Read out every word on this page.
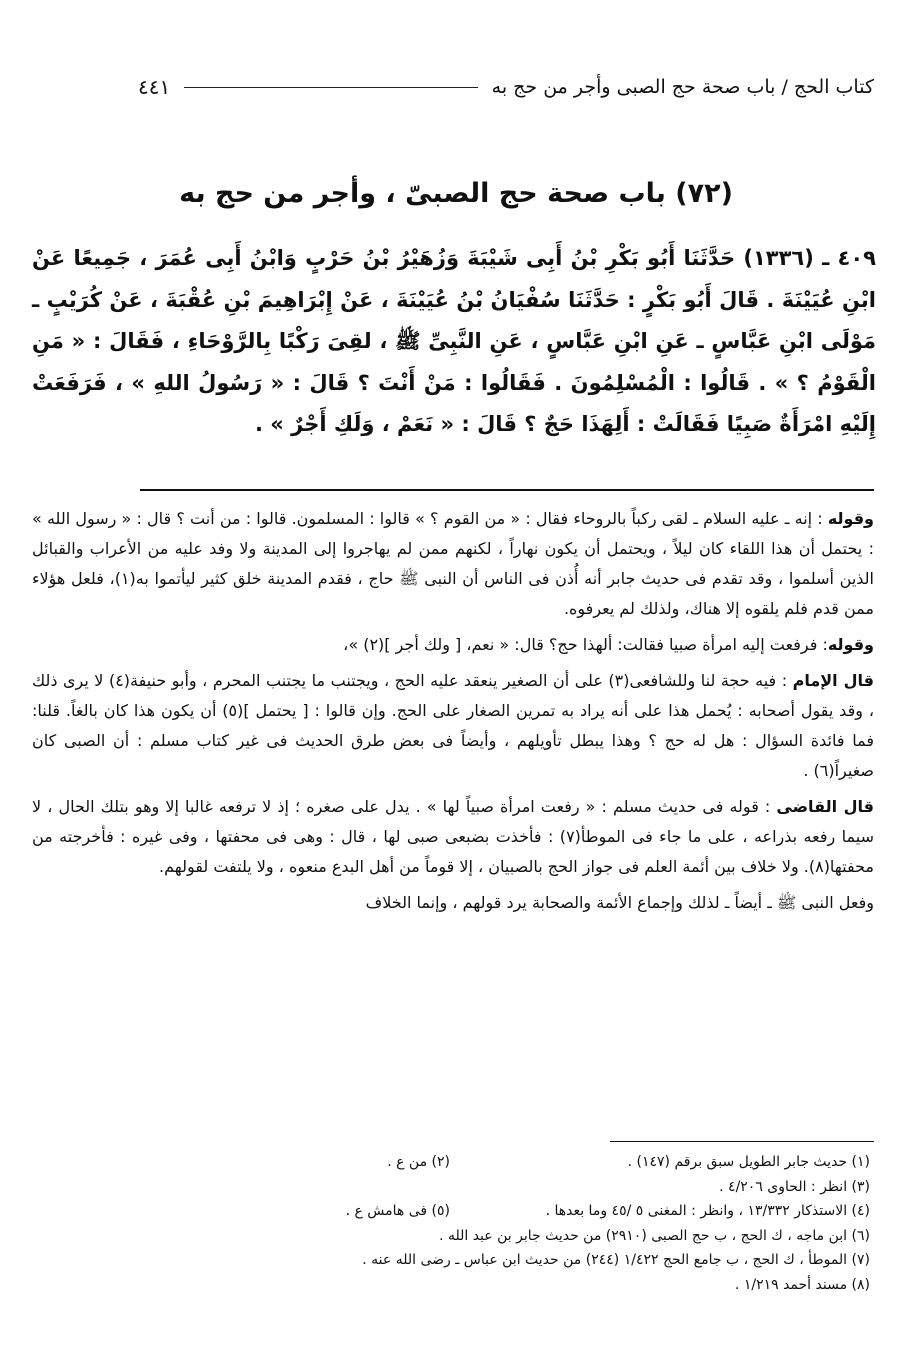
كتاب الحج / باب صحة حج الصبى وأجر من حج به
٤٤١
(٧٢) باب صحة حج الصبىّ ، وأجر من حج به
٤٠٩ ـ (١٣٣٦) حَدَّثَنَا أَبُو بَكْرِ بْنُ أَبِى شَيْبَةَ وَزُهَيْرُ بْنُ حَرْبٍ وَابْنُ أَبِى عُمَرَ ، جَمِيعًا عَنْ ابْنِ عُيَيْنَةَ . قَالَ أَبُو بَكْرٍ : حَدَّثَنَا سُفْيَانُ بْنُ عُيَيْنَةَ ، عَنْ إِبْرَاهِيمَ بْنِ عُقْبَةَ ، عَنْ كُرَيْبٍ ـ مَوْلَى ابْنِ عَبَّاسٍ ـ عَنِ ابْنِ عَبَّاسٍ ، عَنِ النَّبِىِّ ﷺ ، لقِىَ رَكْبًا بِالرَّوْحَاءِ ، فَقَالَ : « مَنِ الْقَوْمُ ؟ » . قَالُوا : الْمُسْلِمُونَ . فَقَالُوا : مَنْ أَنْتَ ؟ قَالَ : « رَسُولُ اللهِ » ، فَرَفَعَتْ إِلَيْهِ امْرَأَةٌ صَبِيًا فَقَالَتْ : أَلِهَذَا حَجٌ ؟ قَالَ : « نَعَمْ ، وَلَكِ أَجْرٌ » .

وقوله : إنه ـ عليه السلام ـ لقى ركباً بالروحاء فقال : « من القوم ؟ » قالوا : المسلمون. قالوا : من أنت ؟ قال : « رسول الله » : يحتمل أن هذا اللقاء كان ليلاً ، ويحتمل أن يكون نهاراً ، لكنهم ممن لم يهاجروا إلى المدينة ولا وفد عليه من الأعراب والقبائل الذين أسلموا ، وقد تقدم فى حديث جابر أنه أُذن فى الناس أن النبى ﷺ حاج ، فقدم المدينة خلق كثير ليأتموا به(١)، فلعل هؤلاء ممن قدم فلم يلقوه إلا هناك، ولذلك لم يعرفوه.

وقوله: فرفعت إليه امرأة صبيا فقالت: ألهذا حج؟ قال: « نعم، [ ولك أجر ](٢) »،

قال الإمام : فيه حجة لنا وللشافعى(٣) على أن الصغير ينعقد عليه الحج ، ويجتنب ما يجتنب المحرم ، وأبو حنيفة(٤) لا يرى ذلك ، وقد يقول أصحابه : يُحمل هذا على أنه يراد به تمرين الصغار على الحج. وإن قالوا : [ يحتمل ](٥) أن يكون هذا كان بالغاً. قلنا: فما فائدة السؤال : هل له حج ؟ وهذا يبطل تأويلهم ، وأيضاً فى بعض طرق الحديث فى غير كتاب مسلم : أن الصبى كان صغيراً(٦) .

قال القاضى : قوله فى حديث مسلم : « رفعت امرأة صبياً لها » . يدل على صغره ؛ إذ لا ترفعه غالبا إلا وهو بتلك الحال ، لا سيما رفعه بذراعه ، على ما جاء فى الموطأ(٧) : فأخذت بضبعى صبى لها ، قال : وهى فى محفتها ، وفى غيره : فأخرجته من محفتها(٨). ولا خلاف بين أئمة العلم فى جواز الحج بالصبيان ، إلا قوماً من أهل البدع منعوه ، ولا يلتفت لقولهم.

وفعل النبى ﷺ ـ أيضاً ـ لذلك وإجماع الأئمة والصحابة يرد قولهم ، وإنما الخلاف

(١) حديث جابر الطويل سبق برقم (١٤٧) .
(٢) من ع .
(٣) انظر : الحاوى ٤/٢٠٦ .
(٤) الاستذكار ١٣/٣٣٢ ، وانظر : المغنى ٥ /٤٥ وما بعدها .
(٥) فى هامش ع .
(٦) ابن ماجه ، ك الحج ، ب حج الصبى (٢٩١٠) من حديث جابر بن عبد الله .
(٧) الموطأ ، ك الحج ، ب جامع الحج ١/٤٢٢ (٢٤٤) من حديث ابن عباس ـ رضى الله عنه .
(٨) مسند أحمد ١/٢١٩ .
